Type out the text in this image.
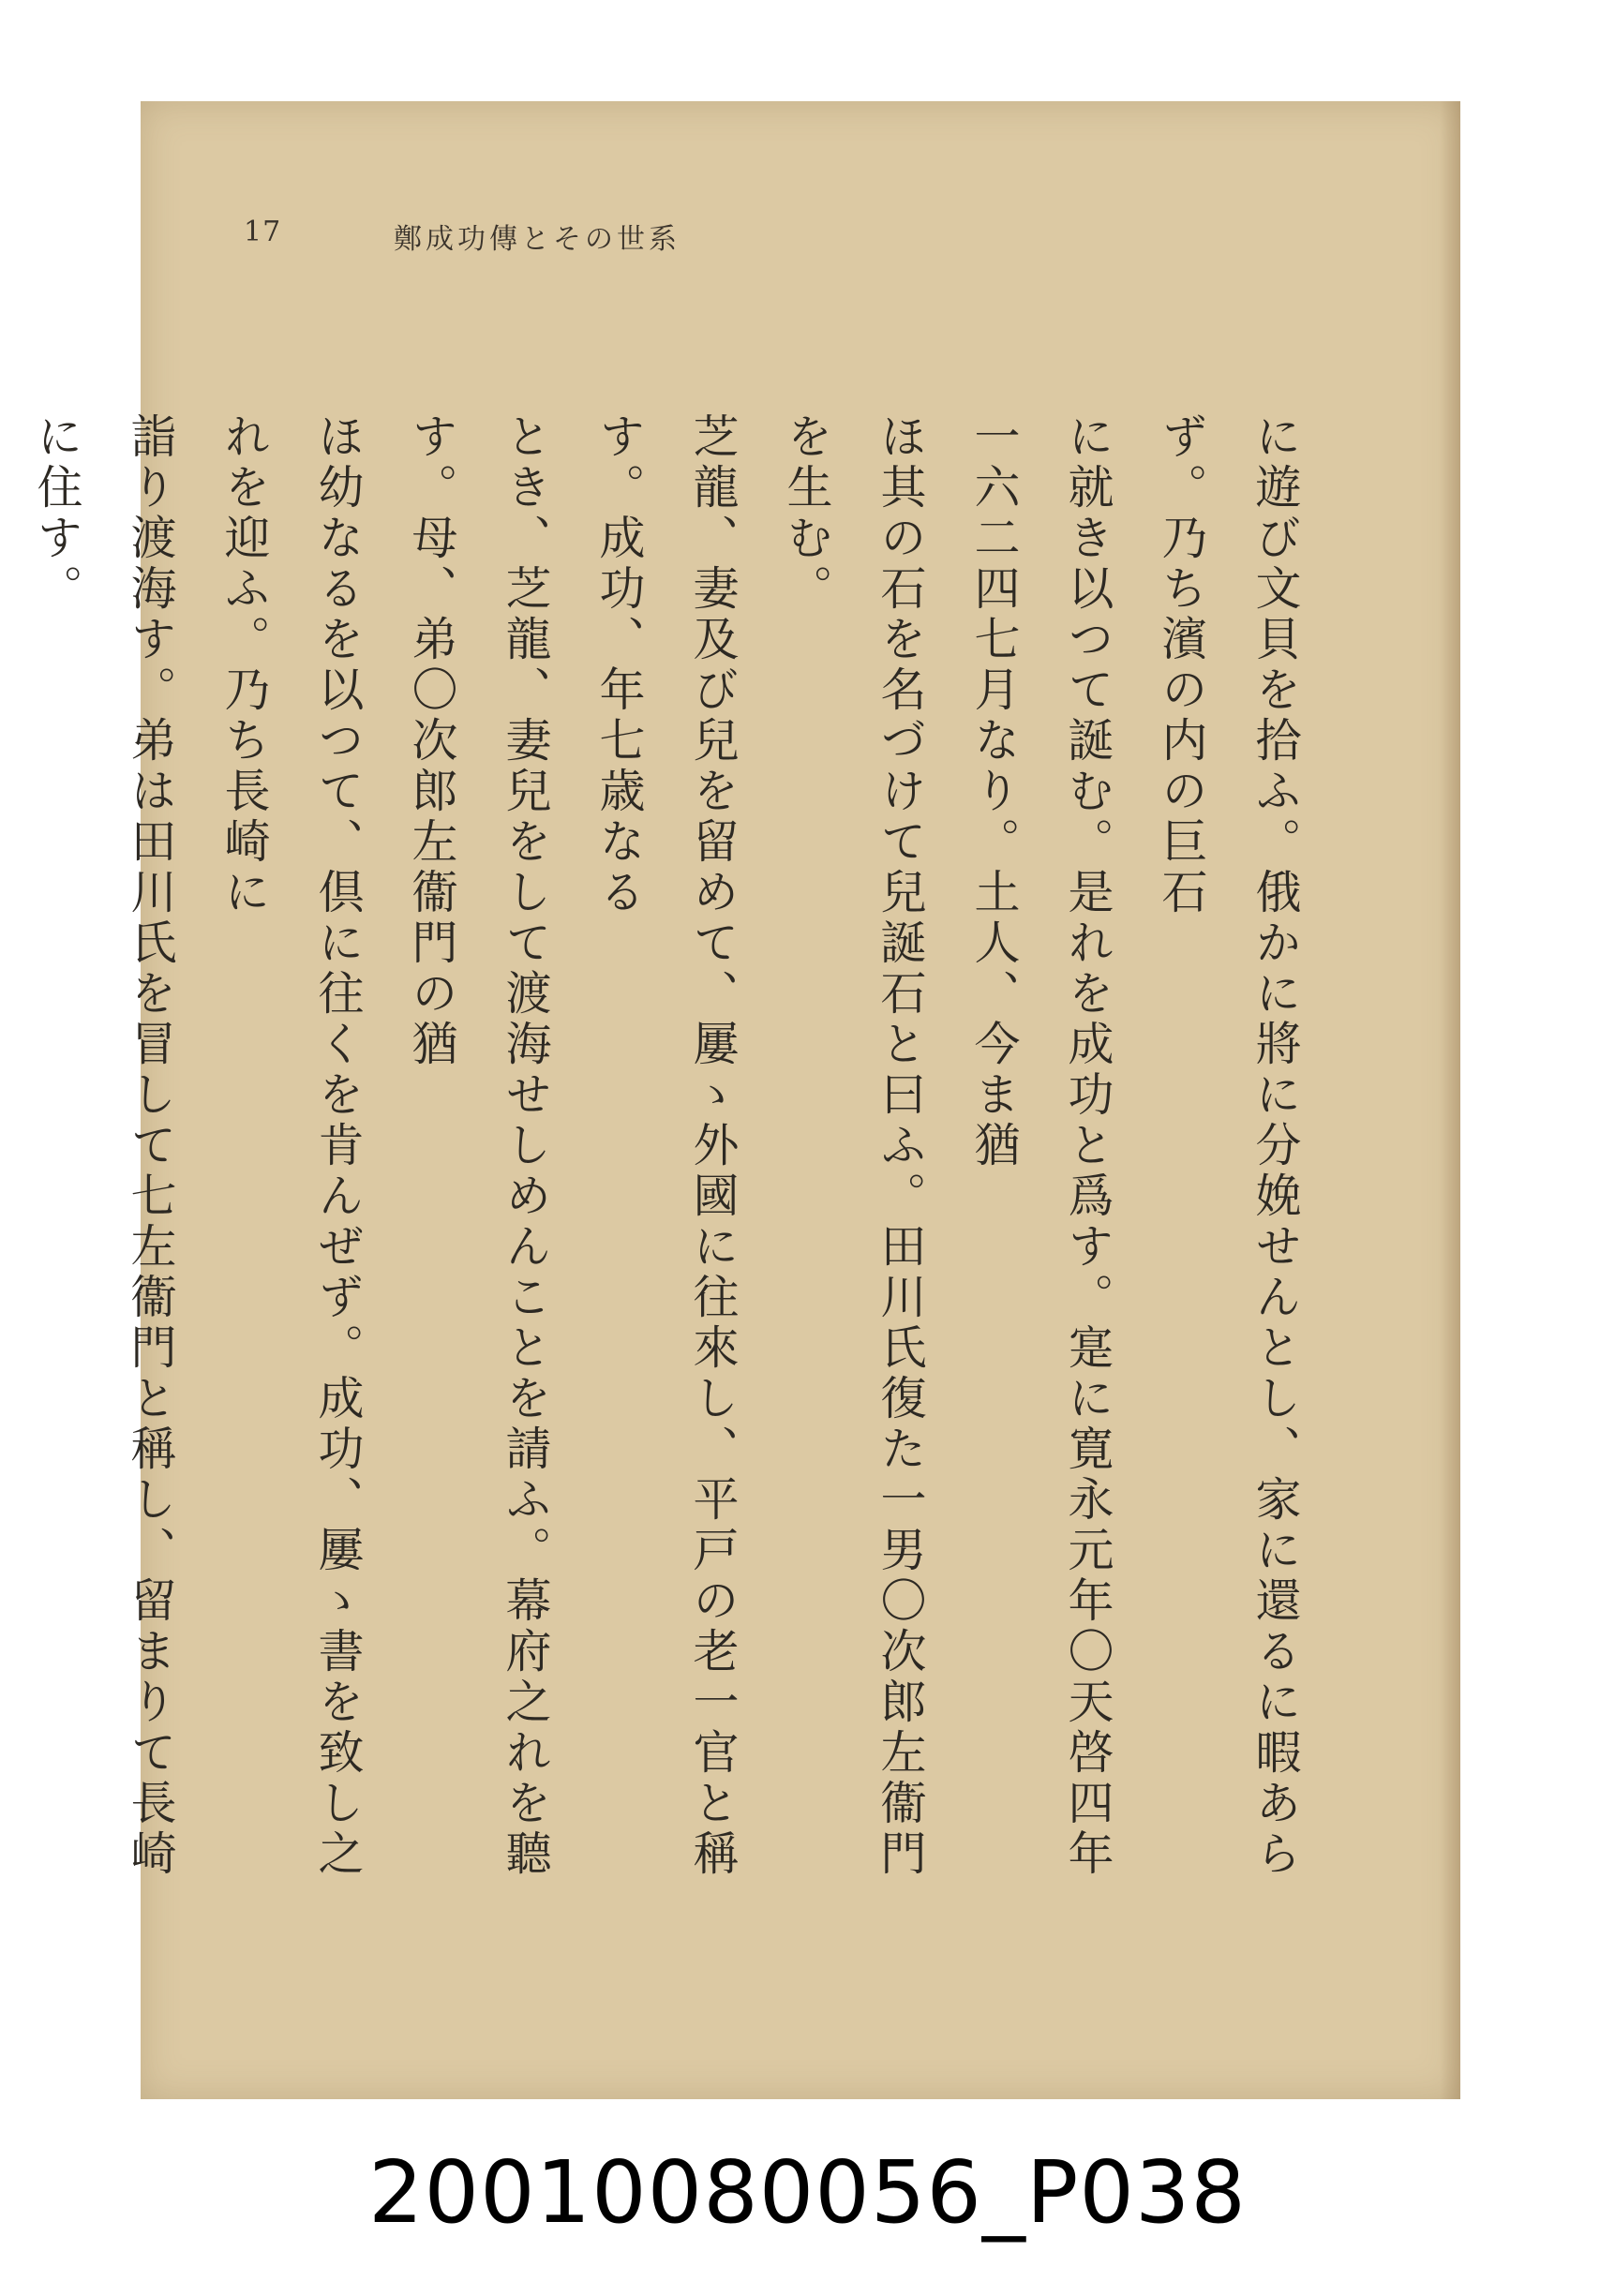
17	鄭成功傳とその世系

に遊び文貝を拾ふ。俄かに將に分娩せんとし、家に還るに暇あらず。乃ち濱の内の巨石

に就き以つて誕む。是れを成功と爲す。寔に寛永元年〇天啓四年一六二四七月なり。土人、今ま猶

ほ其の石を名づけて兒誕石と曰ふ。田川氏復た一男〇次郎左衞門を生む。

芝龍、妻及び兒を留めて、屢ゝ外國に往來し、平戸の老一官と稱す。成功、年七歳なる

とき、芝龍、妻兒をして渡海せしめんことを請ふ。幕府之れを聽す。母、弟〇次郎左衞門の猶

ほ幼なるを以つて、倶に往くを肯んぜず。成功、屢ゝ書を致し之れを迎ふ。乃ち長崎に

詣り渡海す。弟は田川氏を冒して七左衞門と稱し、留まりて長崎に住す。

20010080056_P038
